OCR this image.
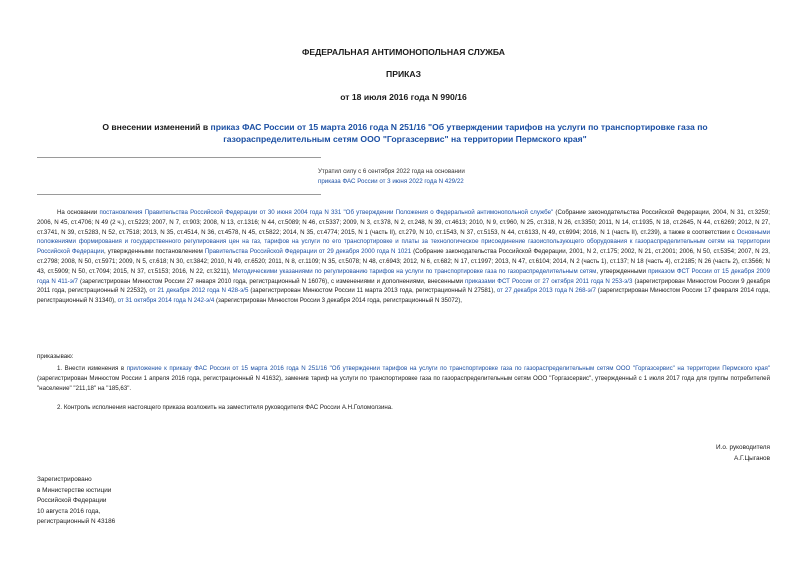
ФЕДЕРАЛЬНАЯ АНТИМОНОПОЛЬНАЯ СЛУЖБА
ПРИКАЗ
от 18 июля 2016 года N 990/16
О внесении изменений в приказ ФАС России от 15 марта 2016 года N 251/16 "Об утверждении тарифов на услуги по транспортировке газа по газораспределительным сетям ООО "Горгазсервис" на территории Пермского края"
Утратил силу с 6 сентября 2022 года на основании
приказа ФАС России от 3 июня 2022 года N 429/22
На основании постановления Правительства Российской Федерации от 30 июня 2004 года N 331 "Об утверждении Положения о Федеральной антимонопольной службе" (Собрание законодательства Российской Федерации, 2004, N 31, ст.3259; 2006, N 45, ст.4706; N 49 (2 ч.), ст.5223; 2007, N 7, ст.903; 2008, N 13, ст.1316; N 44, ст.5089; N 46, ст.5337; 2009, N 3, ст.378, N 2, ст.248, N 39, ст.4613; 2010, N 9, ст.960, N 25, ст.318, N 26, ст.3350; 2011, N 14, ст.1935, N 18, ст.2645, N 44, ст.6269; 2012, N 27, ст.3741, N 39, ст.5283, N 52, ст.7518; 2013, N 35, ст.4514, N 36, ст.4578, N 45, ст.5822; 2014, N 35, ст.4774; 2015, N 1 (часть II), ст.279, N 10, ст.1543, N 37, ст.5153, N 44, ст.6133, N 49, ст.6994; 2016, N 1 (часть II), ст.239), а также в соответствии с Основными положениями формирования и государственного регулирования цен на газ, тарифов на услуги по его транспортировке и платы за технологическое присоединение газоиспользующего оборудования к газораспределительным сетям на территории Российской Федерации, утвержденными постановлением Правительства Российской Федерации от 29 декабря 2000 года N 1021 (Собрание законодательства Российской Федерации, 2001, N 2, ст.175; 2002, N 21, ст.2001; 2006, N 50, ст.5354; 2007, N 23, ст.2798; 2008, N 50, ст.5971; 2009, N 5, ст.618; N 30, ст.3842; 2010, N 49, ст.6520; 2011, N 8, ст.1109; N 35, ст.5078; N 48, ст.6943; 2012, N 6, ст.682; N 17, ст.1997; 2013, N 47, ст.6104; 2014, N 2 (часть 1), ст.137; N 18 (часть 4), ст.2185; N 26 (часть 2), ст.3566; N 43, ст.5909; N 50, ст.7094; 2015, N 37, ст.5153; 2016, N 22, ст.3211), Методическими указаниями по регулированию тарифов на услуги по транспортировке газа по газораспределительным сетям, утвержденными приказом ФСТ России от 15 декабря 2009 года N 411-э/7 (зарегистрирован Минюстом России 27 января 2010 года, регистрационный N 16076), с изменениями и дополнениями, внесенными приказами ФСТ России от 27 октября 2011 года N 253-э/3 (зарегистрирован Минюстом России 9 декабря 2011 года, регистрационный N 22532), от 21 декабря 2012 года N 428-э/5 (зарегистрирован Минюстом России 11 марта 2013 года, регистрационный N 27581), от 27 декабря 2013 года N 268-э/7 (зарегистрирован Минюстом России 17 февраля 2014 года, регистрационный N 31340), от 31 октября 2014 года N 242-э/4 (зарегистрирован Минюстом России 3 декабря 2014 года, регистрационный N 35072),
приказываю:
1. Внести изменения в приложение к приказу ФАС России от 15 марта 2016 года N 251/16 "Об утверждении тарифов на услуги по транспортировке газа по газораспределительным сетям ООО "Горгазсервис" на территории Пермского края" (зарегистрирован Минюстом России 1 апреля 2016 года, регистрационный N 41632), заменив тариф на услуги по транспортировке газа по газораспределительным сетям ООО "Горгазсервис", утвержденный с 1 июля 2017 года для группы потребителей "население" "211,18" на "185,63".
2. Контроль исполнения настоящего приказа возложить на заместителя руководителя ФАС России А.Н.Голомолзина.
И.о. руководителя
А.Г.Цыганов
Зарегистрировано
в Министерстве юстиции
Российской Федерации
10 августа 2016 года,
регистрационный N 43186
